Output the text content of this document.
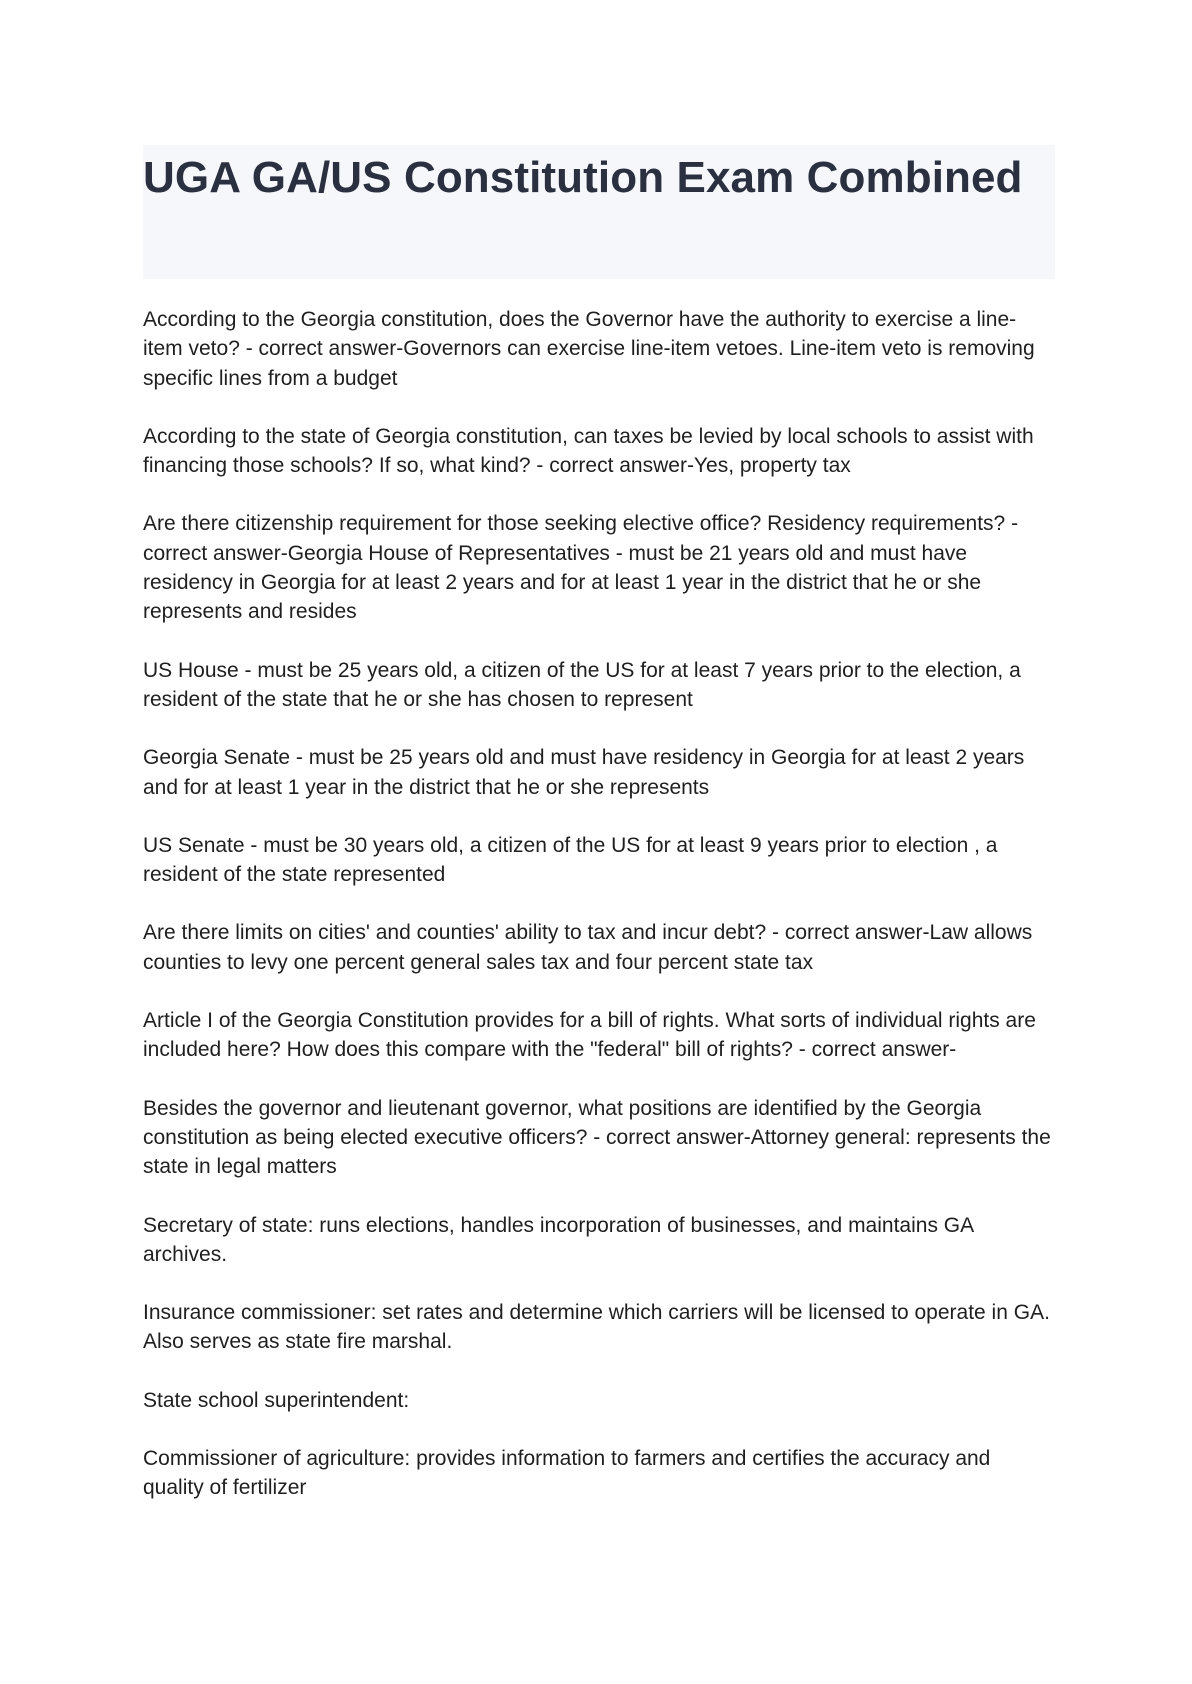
UGA GA/US Constitution Exam Combined

According to the Georgia constitution, does the Governor have the authority to exercise a line-item veto? - correct answer-Governors can exercise line-item vetoes. Line-item veto is removing specific lines from a budget

According to the state of Georgia constitution, can taxes be levied by local schools to assist with financing those schools? If so, what kind? - correct answer-Yes, property tax

Are there citizenship requirement for those seeking elective office? Residency requirements? - correct answer-Georgia House of Representatives - must be 21 years old and must have residency in Georgia for at least 2 years and for at least 1 year in the district that he or she represents and resides

US House - must be 25 years old, a citizen of the US for at least 7 years prior to the election, a resident of the state that he or she has chosen to represent

Georgia Senate - must be 25 years old and must have residency in Georgia for at least 2 years and for at least 1 year in the district that he or she represents

US Senate - must be 30 years old, a citizen of the US for at least 9 years prior to election , a resident of the state represented

Are there limits on cities' and counties' ability to tax and incur debt? - correct answer-Law allows counties to levy one percent general sales tax and four percent state tax

Article I of the Georgia Constitution provides for a bill of rights. What sorts of individual rights are included here? How does this compare with the "federal" bill of rights? - correct answer-

Besides the governor and lieutenant governor, what positions are identified by the Georgia constitution as being elected executive officers? - correct answer-Attorney general: represents the state in legal matters

Secretary of state: runs elections, handles incorporation of businesses, and maintains GA archives.

Insurance commissioner: set rates and determine which carriers will be licensed to operate in GA. Also serves as state fire marshal.

State school superintendent:

Commissioner of agriculture: provides information to farmers and certifies the accuracy and quality of fertilizer
